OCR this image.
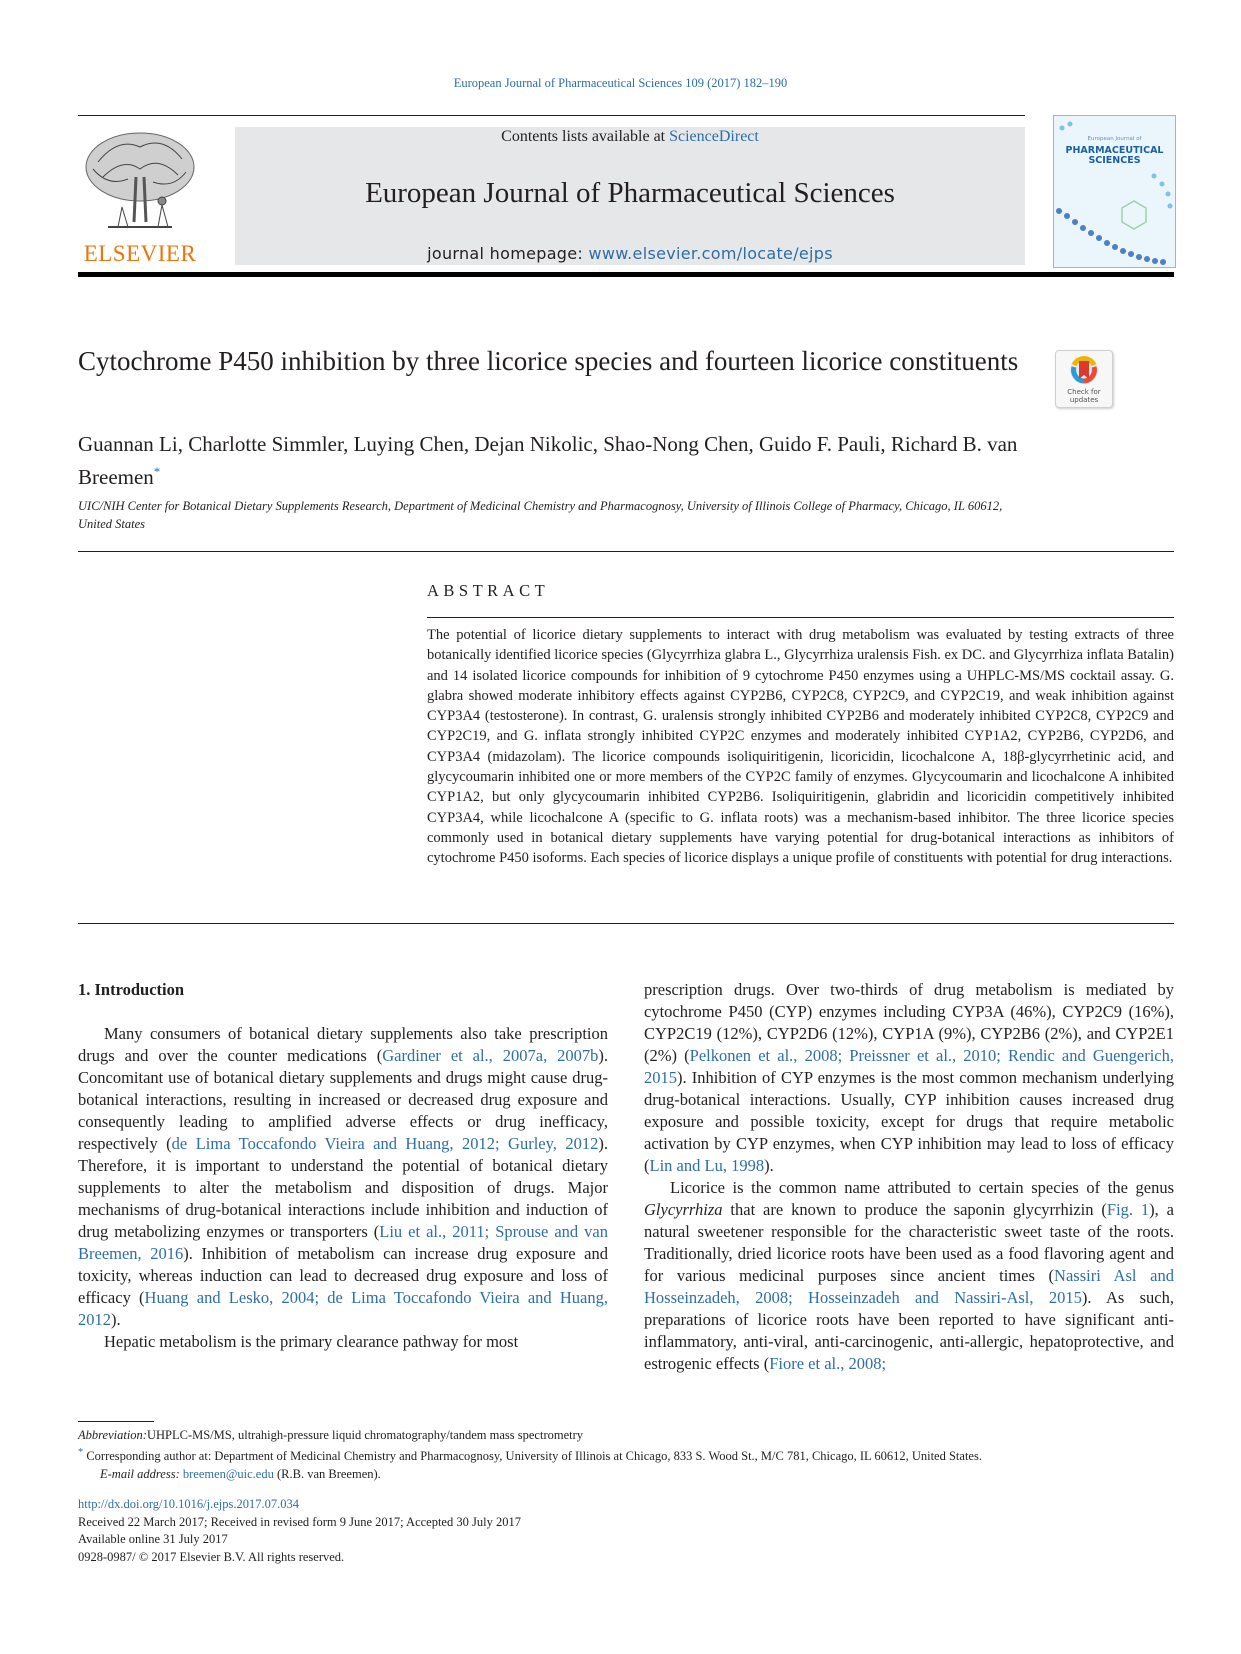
European Journal of Pharmaceutical Sciences 109 (2017) 182–190
ELSEVIER
Contents lists available at ScienceDirect
European Journal of Pharmaceutical Sciences
journal homepage: www.elsevier.com/locate/ejps
European Journal of
PHARMACEUTICAL SCIENCES
Cytochrome P450 inhibition by three licorice species and fourteen licorice constituents
Check for updates
Guannan Li, Charlotte Simmler, Luying Chen, Dejan Nikolic, Shao-Nong Chen, Guido F. Pauli, Richard B. van Breemen*
UIC/NIH Center for Botanical Dietary Supplements Research, Department of Medicinal Chemistry and Pharmacognosy, University of Illinois College of Pharmacy, Chicago, IL 60612, United States
ABSTRACT
The potential of licorice dietary supplements to interact with drug metabolism was evaluated by testing extracts of three botanically identified licorice species (Glycyrrhiza glabra L., Glycyrrhiza uralensis Fish. ex DC. and Glycyrrhiza inflata Batalin) and 14 isolated licorice compounds for inhibition of 9 cytochrome P450 enzymes using a UHPLC-MS/MS cocktail assay. G. glabra showed moderate inhibitory effects against CYP2B6, CYP2C8, CYP2C9, and CYP2C19, and weak inhibition against CYP3A4 (testosterone). In contrast, G. uralensis strongly inhibited CYP2B6 and moderately inhibited CYP2C8, CYP2C9 and CYP2C19, and G. inflata strongly inhibited CYP2C enzymes and moderately inhibited CYP1A2, CYP2B6, CYP2D6, and CYP3A4 (midazolam). The licorice compounds isoliquiritigenin, licoricidin, licochalcone A, 18β-glycyrrhetinic acid, and glycycoumarin inhibited one or more members of the CYP2C family of enzymes. Glycycoumarin and licochalcone A inhibited CYP1A2, but only glycycoumarin inhibited CYP2B6. Isoliquiritigenin, glabridin and licoricidin competitively inhibited CYP3A4, while licochalcone A (specific to G. inflata roots) was a mechanism-based inhibitor. The three licorice species commonly used in botanical dietary supplements have varying potential for drug-botanical interactions as inhibitors of cytochrome P450 isoforms. Each species of licorice displays a unique profile of constituents with potential for drug interactions.

1. Introduction

Many consumers of botanical dietary supplements also take prescription drugs and over the counter medications (Gardiner et al., 2007a, 2007b). Concomitant use of botanical dietary supplements and drugs might cause drug-botanical interactions, resulting in increased or decreased drug exposure and consequently leading to amplified adverse effects or drug inefficacy, respectively (de Lima Toccafondo Vieira and Huang, 2012; Gurley, 2012). Therefore, it is important to understand the potential of botanical dietary supplements to alter the metabolism and disposition of drugs. Major mechanisms of drug-botanical interactions include inhibition and induction of drug metabolizing enzymes or transporters (Liu et al., 2011; Sprouse and van Breemen, 2016). Inhibition of metabolism can increase drug exposure and toxicity, whereas induction can lead to decreased drug exposure and loss of efficacy (Huang and Lesko, 2004; de Lima Toccafondo Vieira and Huang, 2012).

Hepatic metabolism is the primary clearance pathway for most

prescription drugs. Over two-thirds of drug metabolism is mediated by cytochrome P450 (CYP) enzymes including CYP3A (46%), CYP2C9 (16%), CYP2C19 (12%), CYP2D6 (12%), CYP1A (9%), CYP2B6 (2%), and CYP2E1 (2%) (Pelkonen et al., 2008; Preissner et al., 2010; Rendic and Guengerich, 2015). Inhibition of CYP enzymes is the most common mechanism underlying drug-botanical interactions. Usually, CYP inhibition causes increased drug exposure and possible toxicity, except for drugs that require metabolic activation by CYP enzymes, when CYP inhibition may lead to loss of efficacy (Lin and Lu, 1998).

Licorice is the common name attributed to certain species of the genus Glycyrrhiza that are known to produce the saponin glycyrrhizin (Fig. 1), a natural sweetener responsible for the characteristic sweet taste of the roots. Traditionally, dried licorice roots have been used as a food flavoring agent and for various medicinal purposes since ancient times (Nassiri Asl and Hosseinzadeh, 2008; Hosseinzadeh and Nassiri-Asl, 2015). As such, preparations of licorice roots have been reported to have significant anti-inflammatory, anti-viral, anti-carcinogenic, anti-allergic, hepatoprotective, and estrogenic effects (Fiore et al., 2008;

Abbreviation:UHPLC-MS/MS, ultrahigh-pressure liquid chromatography/tandem mass spectrometry
* Corresponding author at: Department of Medicinal Chemistry and Pharmacognosy, University of Illinois at Chicago, 833 S. Wood St., M/C 781, Chicago, IL 60612, United States.
E-mail address: breemen@uic.edu (R.B. van Breemen).
http://dx.doi.org/10.1016/j.ejps.2017.07.034
Received 22 March 2017; Received in revised form 9 June 2017; Accepted 30 July 2017
Available online 31 July 2017
0928-0987/ © 2017 Elsevier B.V. All rights reserved.
